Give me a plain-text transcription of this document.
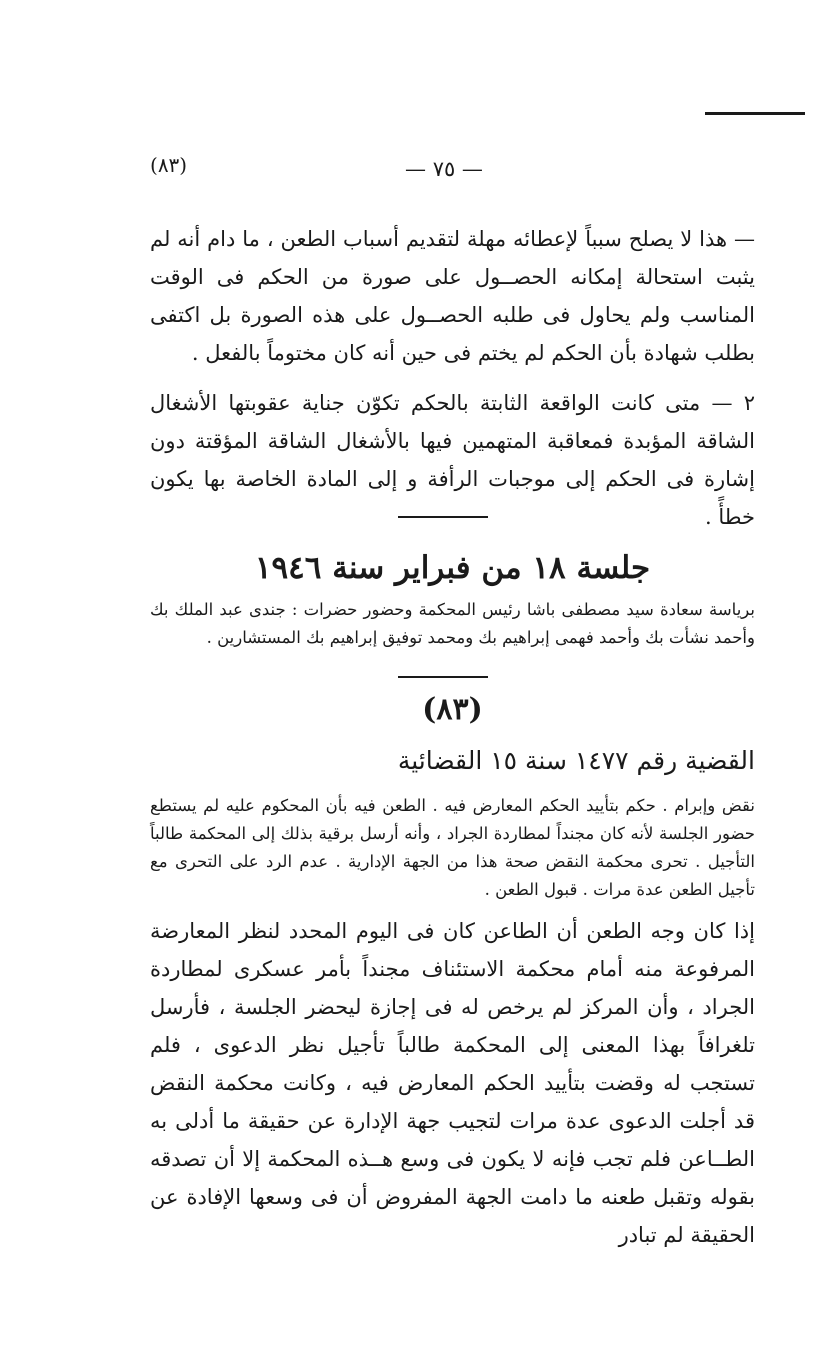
(٨٣)	— ٧٥ —

— هذا لا يصلح سبباً لإعطائه مهلة لتقديم أسباب الطعن ، ما دام أنه لم يثبت استحالة إمكانه الحصــول على صورة من الحكم فى الوقت المناسب ولم يحاول فى طلبه الحصــول على هذه الصورة بل اكتفى بطلب شهادة بأن الحكم لم يختم فى حين أنه كان مختوماً بالفعل .

٢ — متى كانت الواقعة الثابتة بالحكم تكوّن جناية عقوبتها الأشغال الشاقة المؤبدة فمعاقبة المتهمين فيها بالأشغال الشاقة المؤقتة دون إشارة فى الحكم إلى موجبات الرأفة و إلى المادة الخاصة بها يكون خطأً .

جلسة ١٨ من فبراير سنة ١٩٤٦

برياسة سعادة سيد مصطفى باشا رئيس المحكمة وحضور حضرات : جندى عبد الملك بك وأحمد نشأت بك وأحمد فهمى إبراهيم بك ومحمد توفيق إبراهيم بك المستشارين .

(٨٣)
القضية رقم ١٤٧٧ سنة ١٥ القضائية

نقض وإبرام . حكم بتأييد الحكم المعارض فيه . الطعن فيه بأن المحكوم عليه لم يستطع حضور الجلسة لأنه كان مجنداً لمطاردة الجراد ، وأنه أرسل برقية بذلك إلى المحكمة طالباً التأجيل . تحرى محكمة النقض صحة هذا من الجهة الإدارية . عدم الرد على التحرى مع تأجيل الطعن عدة مرات . قبول الطعن .

إذا كان وجه الطعن أن الطاعن كان فى اليوم المحدد لنظر المعارضة المرفوعة منه أمام محكمة الاستئناف مجنداً بأمر عسكرى لمطاردة الجراد ، وأن المركز لم يرخص له فى إجازة ليحضر الجلسة ، فأرسل تلغرافاً بهذا المعنى إلى المحكمة طالباً تأجيل نظر الدعوى ، فلم تستجب له وقضت بتأييد الحكم المعارض فيه ، وكانت محكمة النقض قد أجلت الدعوى عدة مرات لتجيب جهة الإدارة عن حقيقة ما أدلى به الطــاعن فلم تجب فإنه لا يكون فى وسع هــذه المحكمة إلا أن تصدقه بقوله وتقبل طعنه ما دامت الجهة المفروض أن فى وسعها الإفادة عن الحقيقة لم تبادر
